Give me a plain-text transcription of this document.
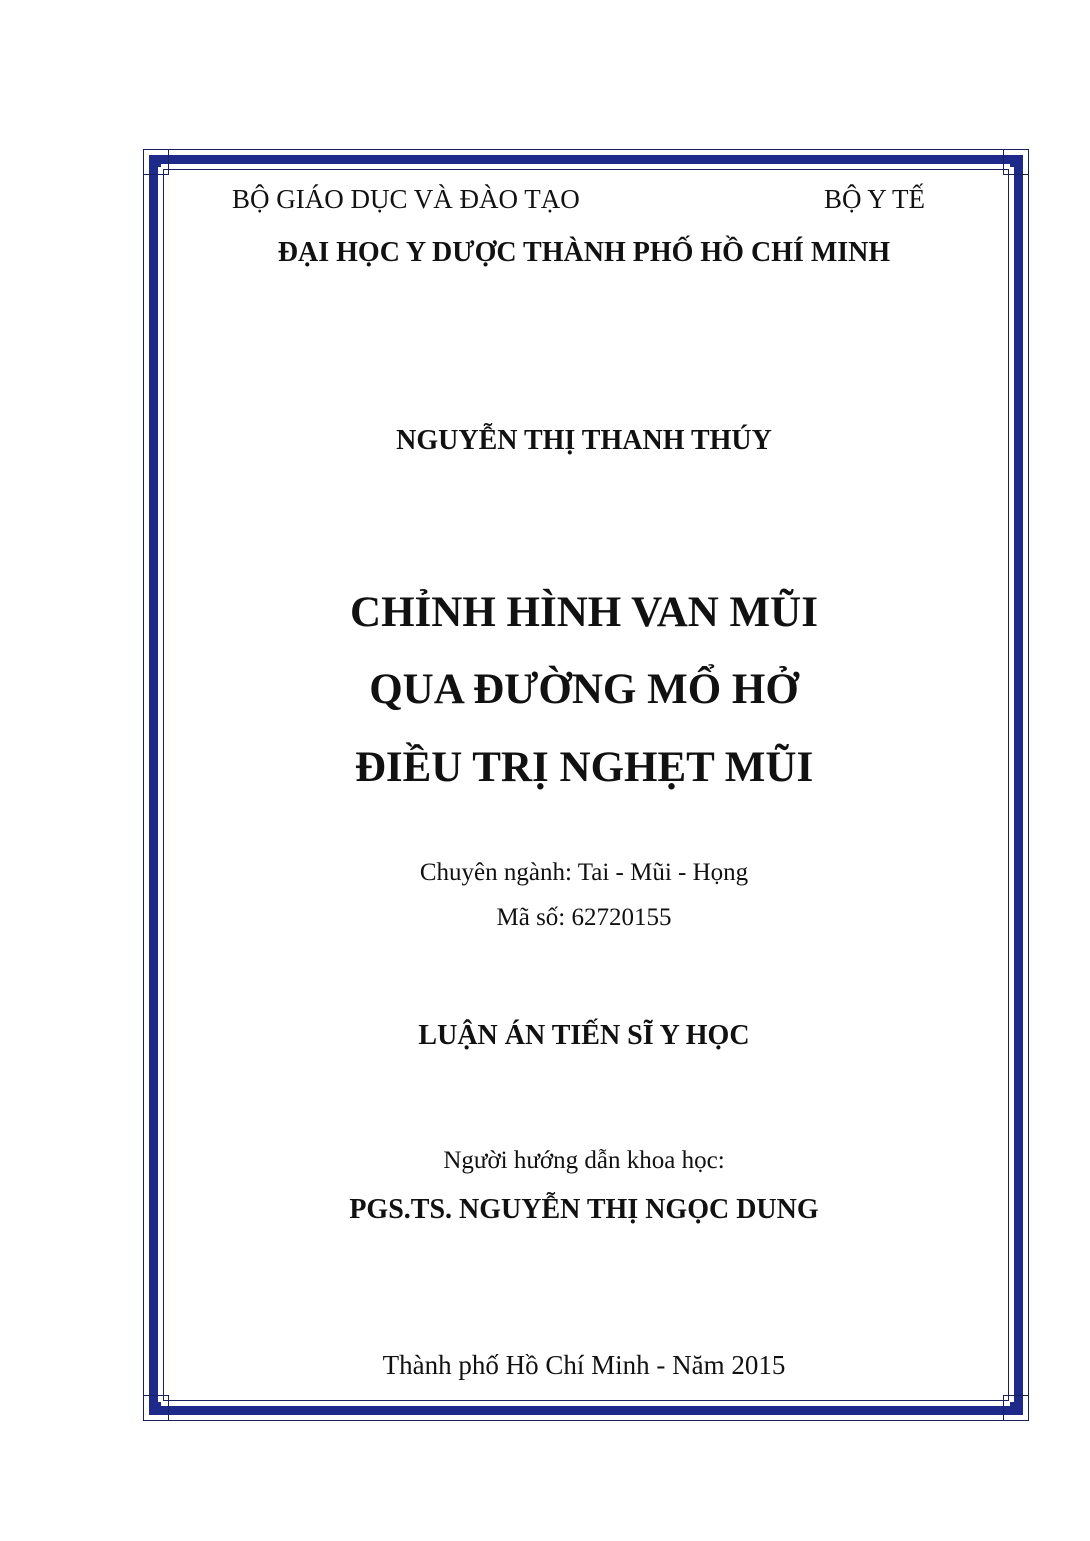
BỘ GIÁO DỤC VÀ ĐÀO TẠO	BỘ Y TẾ
ĐẠI HỌC Y DƯỢC THÀNH PHỐ HỒ CHÍ MINH
NGUYỄN THỊ THANH THÚY
CHỈNH HÌNH VAN MŨI
QUA ĐƯỜNG MỔ HỞ
ĐIỀU TRỊ NGHẸT MŨI
Chuyên ngành: Tai - Mũi - Họng
Mã số: 62720155
LUẬN ÁN TIẾN SĨ Y HỌC
Người hướng dẫn khoa học:
PGS.TS. NGUYỄN THỊ NGỌC DUNG
Thành phố Hồ Chí Minh - Năm 2015
